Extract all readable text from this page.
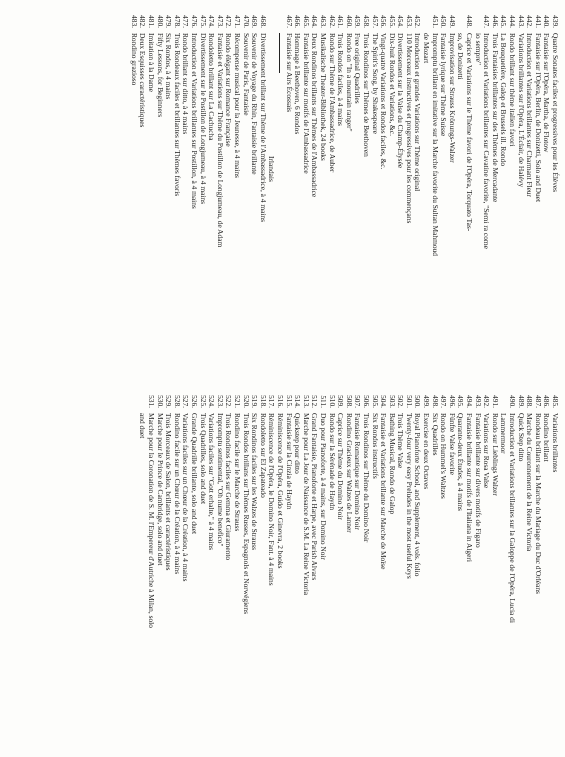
439.
Quatre Sonates faciles et progressives pour les Élèves
440.
Fantaisie sur l'Opéra, Martha, de Flotow
441.
Fantaisie sur l'Opéra, Berlin, de Donizetti, Solo and Duet
442.
Introduction et Variations brillantes sur Charmant Fleur
443.
Variations brillantes sur l'Opéra, L'Éclair, de Halévy
444.
Rondo brillant sur thème italien favori
445.
La Bouquetière, Galop et Brussels ill. Rondo
446.
Trois Fantaisies brillantes sur des Thèmes de Mercadante
447.
Introduction et Variations brillantes sur Cavatine favorite, "Semi ra come
io sempre"
448.
Caprice et Variations sur le Thème favori de l'Opéra, Torquato Tas-
so, de Donizetti
449.
Improvisation sur Strauss Krönungs-Walzer
450.
Fantaisie lyrique sur Thème Suisse
451.
Impromptu brillant en imitative sur la Marche favorite du Sultan Mahmoud
de Mozart
452.
Introduction et grandes Variations sur Thème original
453.
110 Morceaux instructives et progressives pour les commençans
454.
Divertissement sur la Valse du Champ-Élysée
455.
Dix-huit Rondos et Variations, &c.
456.
Vingt-quatre Variations et Rondos faciles, &c.
457.
The Spirit's Song, by Shakespeare
458.
Trois Rondinos sur Thèmes de Beethoven
459.
Free original Quadrilles
460.
Rondo on "In a mountain ranger"
461.
Trois Rondos faciles, à 4 mains
462.
Rondo sur Thème de l'Ambassadrice, de Auber
463.
Musikalische Theater-Bibliothek, 24 books
464.
Deux Rondinos brillants sur Thèmes de l'Ambassadrice
465.
Fantaisie brillante sur motifs de l'Ambassadrice
466.
Hommage à Beethoven, 6 Rondos
467.
Fantaisie sur Airs Écossais
Irlandais
468.
Divertissement brillant sur Thème de l'Ambassadrice, à 4 mains
469.
Souvenir de Voyage du Rhin, Fantaisie brillante
470.
Souvenir de Paris, Fantaisie
471.
Récompense musical pour la Jeunesse, à 4 mains
472.
Rondo élégant sur Romance Française
473.
Fantaisie et Variations sur Thème du Postillon de Longjumeau, de Adam
474.
Rondoletto brillant sur La Cachucha
475.
Divertissement sur le Postillon de Longjumeau, à 4 mains
476.
Introduction et Variations brillantes sur Postillon, à 4 mains
477.
Rondo brillant sur ditto, à 4 mains
478.
Trois Rondeaux faciles et brillantes sur Thèmes favoris
479.
Six Rondos, à 4 mains
480.
Fifty Lessons, for Beginners
481.
Imitation à la Dame
482.
Deux Esquisses caractéristiques
483.
Rondino grazioso
485.
Variations brillantes
486.
Rondino brillant
487.
Rondeau brillant sur la Marche du Mariage du Duc d'Orléans
488.
Marche du Couronnement de la Reine Victoria
489.
Quick Step ditto
490.
Introduction et Variations brillantes sur la Galoppe de l'Opéra, Lucia di
Lammermoor
491.
Rondo sur Lieblings Walzer
492.
Variations sur Rosa Valse
493.
Fantaisie brillante sur divers motifs de Figaro
494.
Fantaisie brillante sur motifs de l'Italiana in Algeri
495.
Quarante-deux Études, à 4 mains
496.
Fünfte Valse favorite
497.
Rondo on Hummel's Waltzes
498.
Six Quadrilles
499.
Exercise en deux Octaves
500.
Royal Pianoforte School, and Supplement, 4 vols. folio
501.
Twenty-four very easy Preludes in the most useful Keys
502.
Trois Thème Valse
503.
Bathing Musical, Rondo de Galop
504.
Fantaisie et Variations brillante sur Marche de Moïse
505.
Six Rondos instructifs
506.
Trois Rondinos sur Thème du Domino Noir
507.
Fantaisie Romantique sur Domino Noir
508.
Rondino Gracieux sur Walzes de Lanner
509.
Caprice sur Thème du Domino Noir
510.
Rondo sur la Sérénade de Haydn
511.
Duo pour Pianoforte, à 4 mains, sur Domino Noir
512.
Grand Fantaisie, Pianoforte et Harpe, avec Parish Alvars
513.
Marche pour La Jour de Naissance de S.M. La Reine Victoria
514.
Quickstep pour ditto
515.
Fantaisie sur la Cinzia de Haydn
516.
Réminiscence de l'Opéra, Guido et Ginevra, 2 books
517.
Réminiscence de l'Opéra, le Domino Noir, Fant. à 4 mains
518.
Rondoletto sur El Zapateado
519.
Six Rondinos faciles sur les Walzes de Strauss
520.
Trois Rondos brillans sur Thèmes Russes, Espagnols et Norwégiens
521.
Rondino facile sur le Marche de Strauss
522.
Trois Rondinos faciles sur Gemma et Giuramento
523.
Impromptu sentimental, "Oh nume benefico"
524.
Variations faciles sur "Gott erhalte," à 4 mains
525.
Trois Quadrilles, solo and duet
526.
Grande Quadrille brillante, solo and duet
527.
Variations faciles sur un Chœur de la Création, à 4 mains
528.
Rondino facile sur un Chœur de la Création, à 4 mains
529.
Trois Morceaux de Salon, brillants et caractéristiques
530.
Marche pour le Prince de Cambridge, solo and duet
531.
Marche pour la Coronation de S. M. l'Empereur d'Autriche à Milan, solo
and duet
